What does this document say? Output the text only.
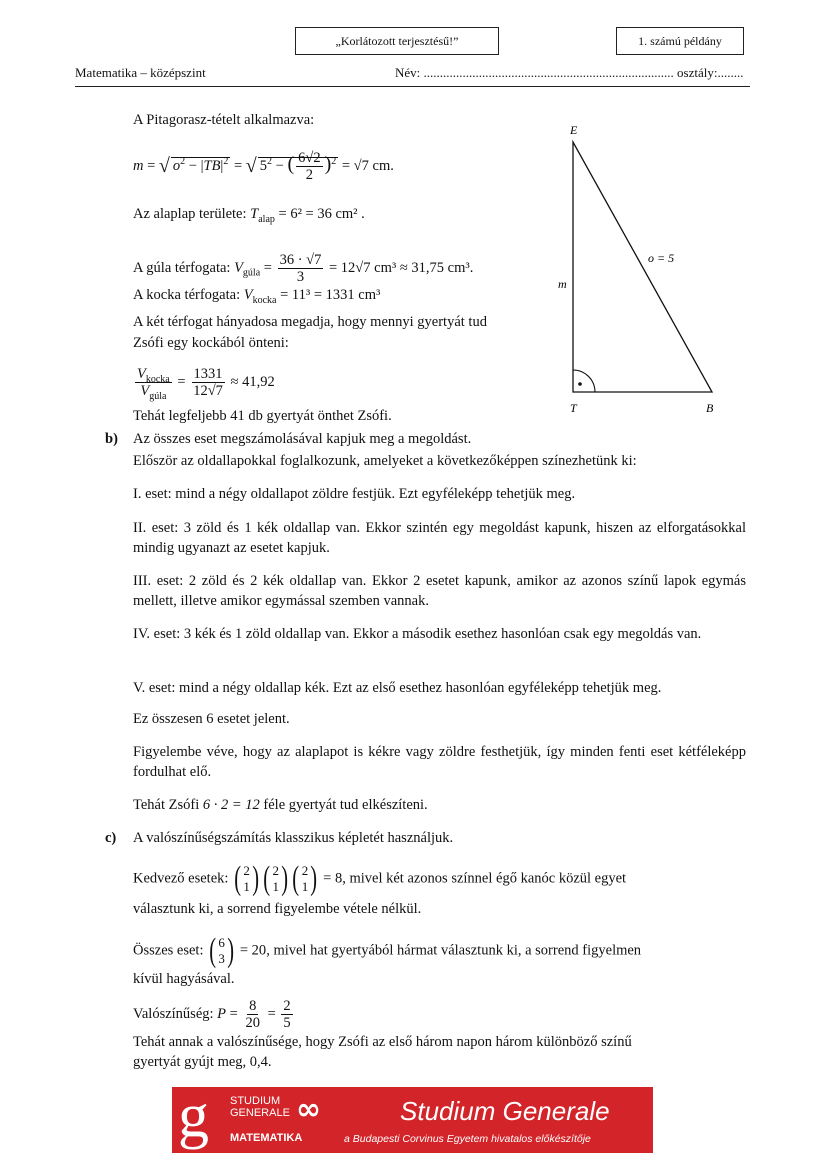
„Korlátozott terjesztésű!”	1. számú példány
Matematika – középszint	Név: ............................................................................. osztály:........
A Pitagorasz-tételt alkalmazva:
m = √ $o^2 - |\overline{TB}|^2$ = √ $5^2$ − ( $\frac{6√2}{2} )^2 = √7$ cm.
Az alaplap területe: $T_{alap} = 6^2 = 36$ cm² .
A gúla térfogata: $V_{gúla} = \frac{36 \cdot √7}{3} = 12√7$ cm³ ≈ 31,75 cm³.
A kocka térfogata: $V_{kocka} = 11^3 = 1331$ cm³
A két térfogat hányadosa megadja, hogy mennyi gyertyát tud
Zsófi egy kockából önteni:
$\frac{V_{kocka}}{V_{gúla}} = \frac{1331}{12√7} \approx 41,92$
Tehát legfeljebb 41 db gyertyát önthet Zsófi.
E
m
o = 5
T	B
b) Az összes eset megszámolásával kapjuk meg a megoldást.
Először az oldallapokkal foglalkozunk, amelyeket a következőképpen színezhetünk ki:
I. eset: mind a négy oldallapot zöldre festjük. Ezt egyféleképp tehetjük meg.
II. eset: 3 zöld és 1 kék oldallap van. Ekkor szintén egy megoldást kapunk, hiszen az elforgatásokkal mindig ugyanazt az esetet kapjuk.
III. eset: 2 zöld és 2 kék oldallap van. Ekkor 2 esetet kapunk, amikor az azonos színű lapok egymás mellett, illetve amikor egymással szemben vannak.
IV. eset: 3 kék és 1 zöld oldallap van. Ekkor a második esethez hasonlóan csak egy megoldás van.
V. eset: mind a négy oldallap kék. Ezt az első esethez hasonlóan egyféleképp tehetjük meg.
Ez összesen 6 esetet jelent.
Figyelembe véve, hogy az alaplapot is kékre vagy zöldre festhetjük, így minden fenti eset kétféleképp fordulhat elő.
Tehát Zsófi 6 · 2 = 12 féle gyertyát tud elkészíteni.
c) A valószínűségszámítás klasszikus képletét használjuk.
Kedvező esetek: ( 2
1 ) ( 2
1 ) ( 2
1 ) = 8, mivel két azonos színnel égő kanóc közül egyet
választunk ki, a sorrend figyelembe vétele nélkül.
Összes eset: ( 6
3 ) = 20, mivel hat gyertyából hármat választunk ki, a sorrend figyelmen
kívül hagyásával.
Valószínűség: $P = \frac{8}{20} = \frac{2}{5}$
Tehát annak a valószínűsége, hogy Zsófi az első három napon három különböző színű
gyertyát gyújt meg, 0,4.
g STUDIUM
GENERALE ∞
MATEMATIKA
Studium Generale
a Budapesti Corvinus Egyetem hivatalos előkészítője
